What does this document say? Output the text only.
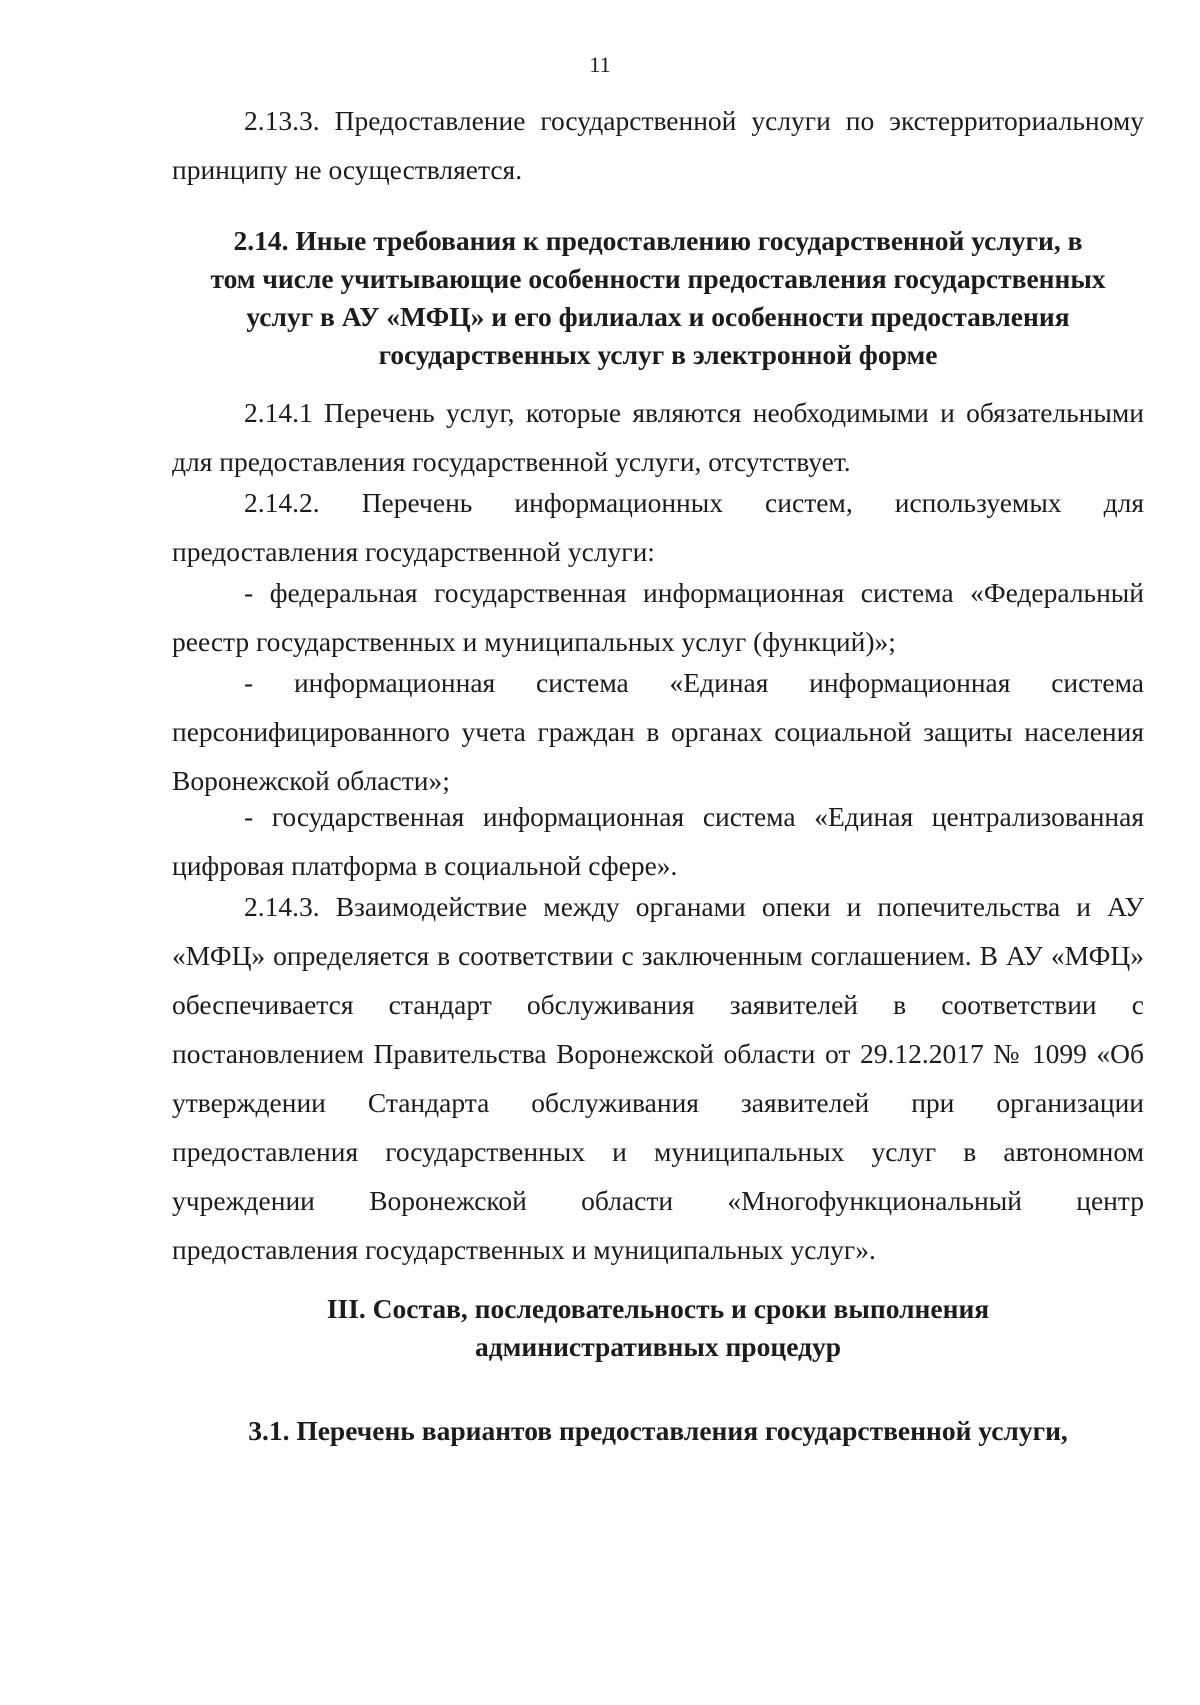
11

2.13.3. Предоставление государственной услуги по экстерриториальному принципу не осуществляется.

2.14. Иные требования к предоставлению государственной услуги, в
том числе учитывающие особенности предоставления государственных
услуг в АУ «МФЦ» и его филиалах и особенности предоставления
государственных услуг в электронной форме

2.14.1 Перечень услуг, которые являются необходимыми и обязательными для предоставления государственной услуги, отсутствует.

2.14.2. Перечень информационных систем, используемых для предоставления государственной услуги:

- федеральная государственная информационная система «Федеральный реестр государственных и муниципальных услуг (функций)»;

- информационная система «Единая информационная система персонифицированного учета граждан в органах социальной защиты населения Воронежской области»;

- государственная информационная система «Единая централизованная цифровая платформа в социальной сфере».

2.14.3. Взаимодействие между органами опеки и попечительства и АУ «МФЦ» определяется в соответствии с заключенным соглашением. В АУ «МФЦ» обеспечивается стандарт обслуживания заявителей в соответствии с постановлением Правительства Воронежской области от 29.12.2017 № 1099 «Об утверждении Стандарта обслуживания заявителей при организации предоставления государственных и муниципальных услуг в автономном учреждении Воронежской области «Многофункциональный центр предоставления государственных и муниципальных услуг».

III. Состав, последовательность и сроки выполнения
административных процедур
3.1. Перечень вариантов предоставления государственной услуги,
